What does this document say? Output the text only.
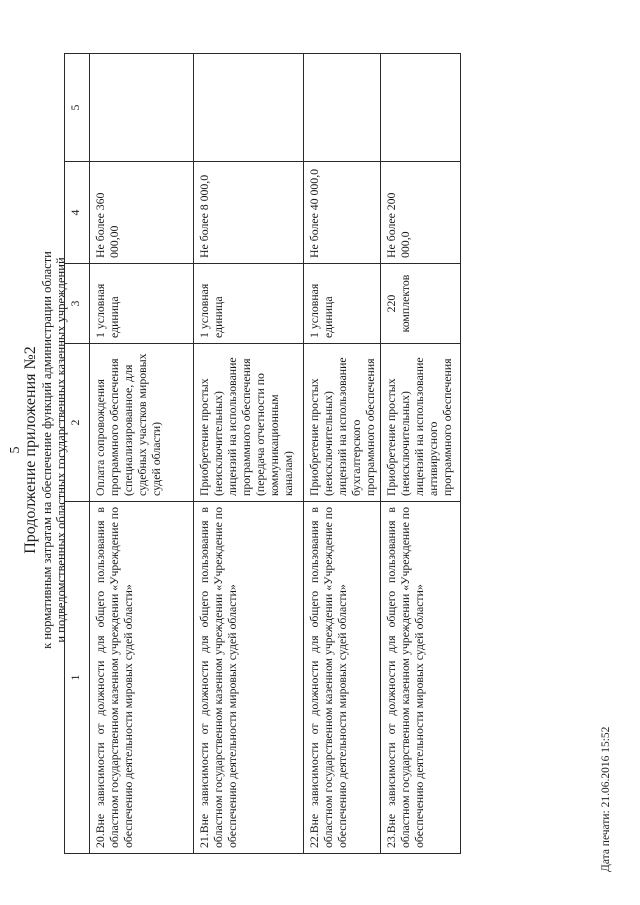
5 Продолжение приложения №2 к нормативным затратам на обеспечение функций администрации области и подведомственных областных государственных казенных учреждений
1	2	3	4	5
20.Вне зависимости от должности для общего пользования в областном государственном казенном учреждении «Учреждение по обеспечению деятельности мировых судей области»	Оплата сопровождения программного обеспечения (специализированное, для судебных участков мировых судей области)	1 условная единица	Не более 360 000,00	
21.Вне зависимости от должности для общего пользования в областном государственном казенном учреждении «Учреждение по обеспечению деятельности мировых судей области»	Приобретение простых (неисключительных) лицензий на использование программного обеспечения (передача отчетности по коммуникационным каналам)	1 условная единица	Не более 8 000,0	
22.Вне зависимости от должности для общего пользования в областном государственном казенном учреждении «Учреждение по обеспечению деятельности мировых судей области»	Приобретение простых (неисключительных) лицензий на использование бухгалтерского программного обеспечения	1 условная единица	Не более 40 000,0	
23.Вне зависимости от должности для общего пользования в областном государственном казенном учреждении «Учреждение по обеспечению деятельности мировых судей области»	Приобретение простых (неисключительных) лицензий на использование антивирусного программного обеспечения	220 комплектов	Не более 200 000,0	
Дата печати: 21.06.2016 15:52
